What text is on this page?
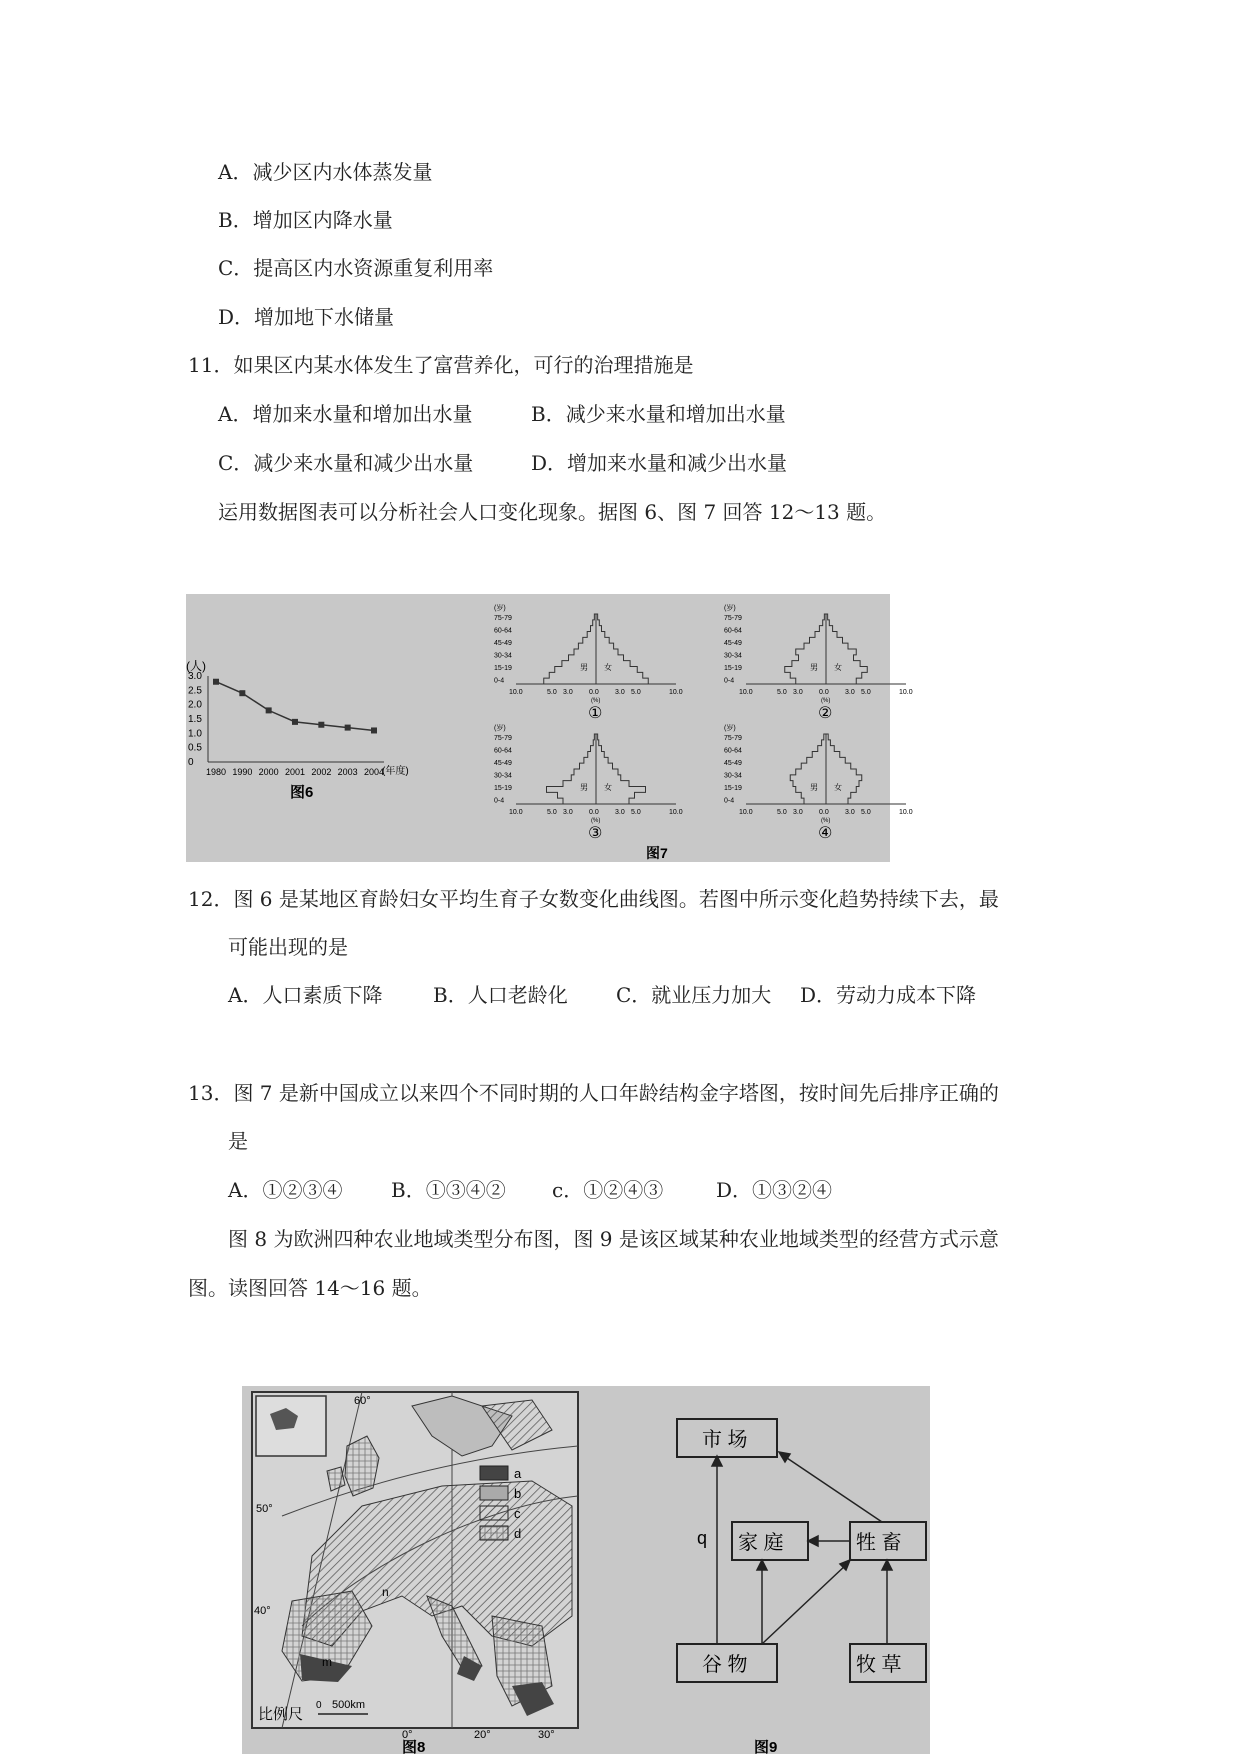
A．减少区内水体蒸发量
B．增加区内降水量
C．提高区内水资源重复利用率
D．增加地下水储量
11．如果区内某水体发生了富营养化，可行的治理措施是
A．增加来水量和增加出水量	B．减少来水量和增加出水量
C．减少来水量和减少出水量	D．增加来水量和减少出水量
运用数据图表可以分析社会人口变化现象。据图 6、图 7 回答 12～13 题。
(人)
3.0
2.5
2.0
1.5
1.0
0.5
0
1980 1990 2000 2001 2002 2003 2004
(年度)
图6
(岁)
75-79
60-64
45-49
30-34
15-19
0-4
男 女
10.0	5.0 3.0 0.0 3.0 5.0	10.0
(%)
①
(岁)
75-79
60-64
45-49
30-34
15-19
0-4
男 女
10.0	5.0 3.0 0.0 3.0 5.0	10.0
(%)
②
(岁)
75-79
60-64
45-49
30-34
15-19
0-4
男 女
10.0	5.0 3.0 0.0 3.0 5.0	10.0
(%)
③
(岁)
75-79
60-64
45-49
30-34
15-19
0-4
男 女
10.0	5.0 3.0 0.0 3.0 5.0	10.0
(%)
④
图7
12．图 6 是某地区育龄妇女平均生育子女数变化曲线图。若图中所示变化趋势持续下去，最
可能出现的是
A．人口素质下降	B．人口老龄化 C．就业压力加大 D．劳动力成本下降
13．图 7 是新中国成立以来四个不同时期的人口年龄结构金字塔图，按时间先后排序正确的
是
A．①②③④ B．①③④② c．①②④③	D．①③②④
图 8 为欧洲四种农业地域类型分布图，图 9 是该区域某种农业地域类型的经营方式示意
图。读图回答 14～16 题。
a
b
c
d
60°
50°
40°
0°	20°	30°
n
m
比例尺
0 500km
图8
市 场
家 庭	牲 畜
谷 物	牧 草
q
图9
